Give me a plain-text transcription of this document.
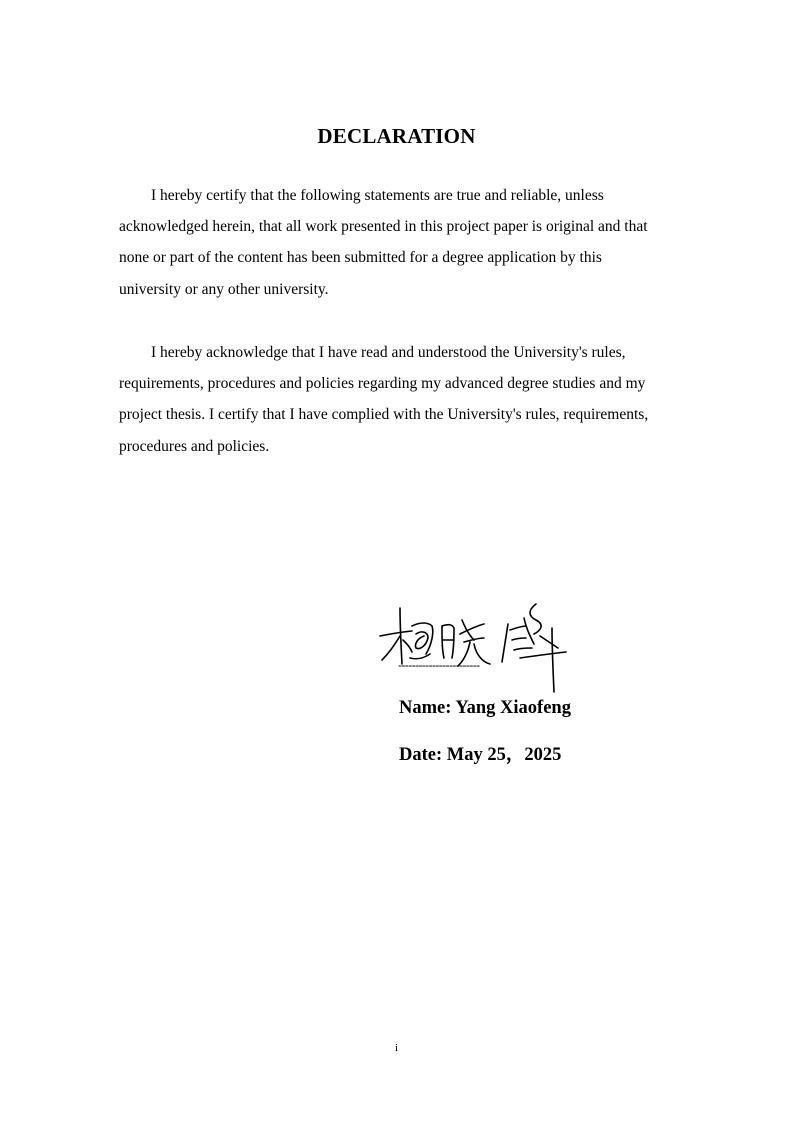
DECLARATION

I hereby certify that the following statements are true and reliable, unless
acknowledged herein, that all work presented in this project paper is original and that
none or part of the content has been submitted for a degree application by this
university or any other university.

I hereby acknowledge that I have read and understood the University's rules,
requirements, procedures and policies regarding my advanced degree studies and my
project thesis. I certify that I have complied with the University's rules, requirements,
procedures and policies.

------------------------

Name: Yang Xiaofeng

Date: May 25，2025

i
